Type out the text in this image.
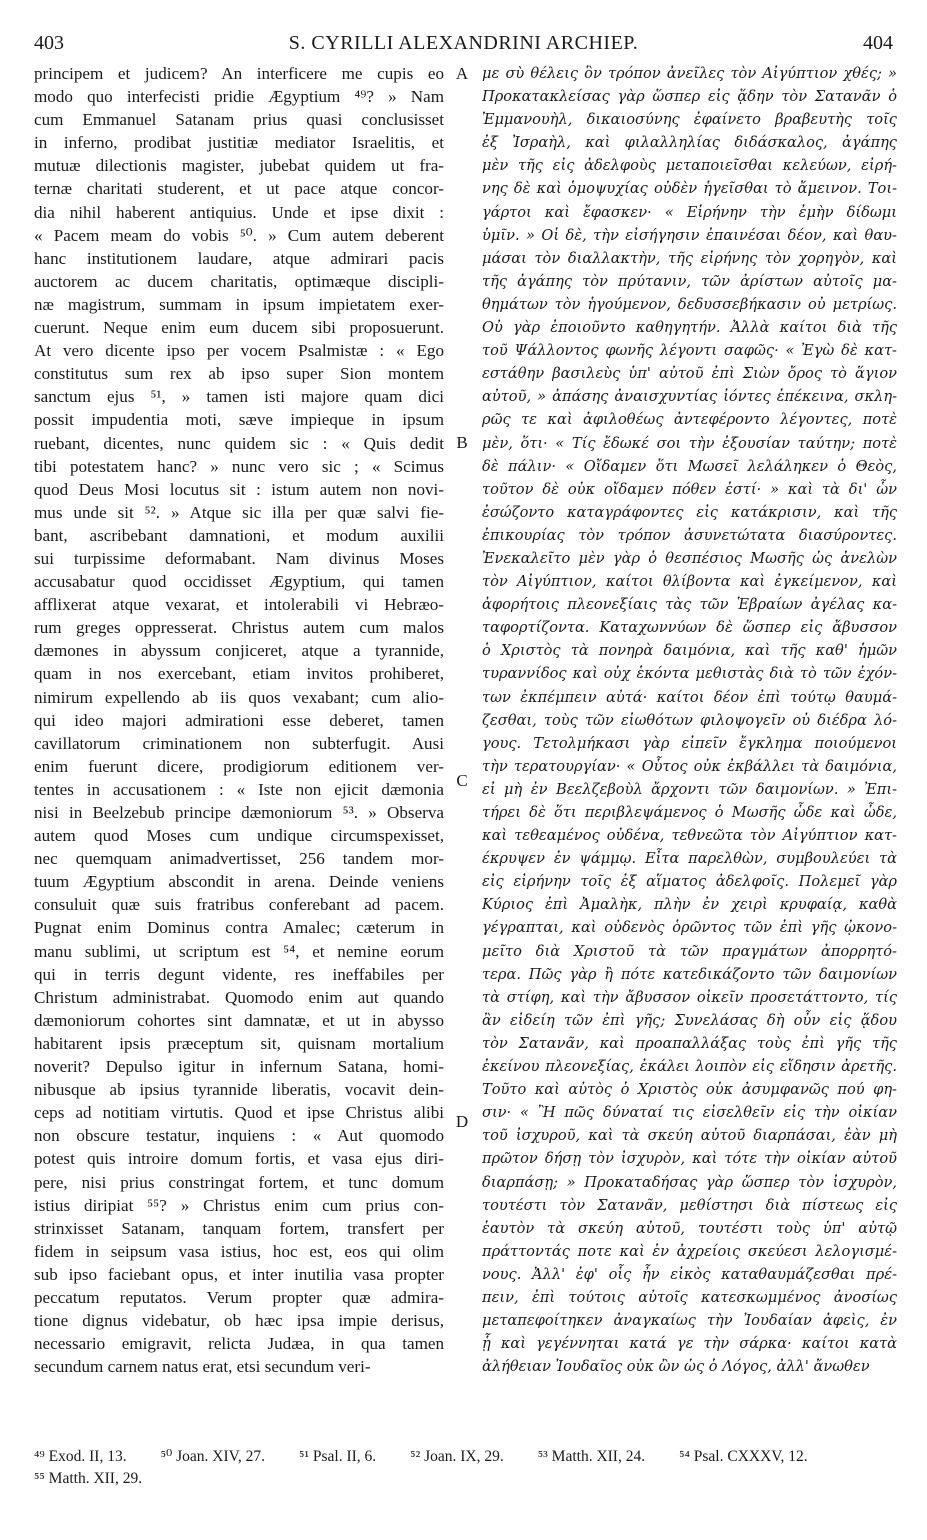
403	S. CYRILLI ALEXANDRINI ARCHIEP.	404
principem et judicem? An interficere me cupis eo
modo quo interfecisti pridie Ægyptium ⁴⁹? » Nam
cum Emmanuel Satanam prius quasi conclusisset
in inferno, prodibat justitiæ mediator Israelitis, et
mutuæ dilectionis magister, jubebat quidem ut fra-
ternæ charitati studerent, et ut pace atque concor-
dia nihil haberent antiquius. Unde et ipse dixit :
« Pacem meam do vobis ⁵⁰. » Cum autem deberent
hanc institutionem laudare, atque admirari pacis
auctorem ac ducem charitatis, optimæque discipli-
næ magistrum, summam in ipsum impietatem exer-
cuerunt. Neque enim eum ducem sibi proposuerunt.
At vero dicente ipso per vocem Psalmistæ : « Ego
constitutus sum rex ab ipso super Sion montem
sanctum ejus ⁵¹, » tamen isti majore quam dici
possit impudentia moti, sæve impieque in ipsum
ruebant, dicentes, nunc quidem sic : « Quis dedit
tibi potestatem hanc? » nunc vero sic ; « Scimus
quod Deus Mosi locutus sit : istum autem non novi-
mus unde sit ⁵². » Atque sic illa per quæ salvi fie-
bant, ascribebant damnationi, et modum auxilii
sui turpissime deformabant. Nam divinus Moses
accusabatur quod occidisset Ægyptium, qui tamen
afflixerat atque vexarat, et intolerabili vi Hebræo-
rum greges oppresserat. Christus autem cum malos
dæmones in abyssum conjiceret, atque a tyrannide,
quam in nos exercebant, etiam invitos prohiberet,
nimirum expellendo ab iis quos vexabant; cum alio-
qui ideo majori admirationi esse deberet, tamen
cavillatorum criminationem non subterfugit. Ausi
enim fuerunt dicere, prodigiorum editionem ver-
tentes in accusationem : « Iste non ejicit dæmonia
nisi in Beelzebub principe dæmoniorum ⁵³. » Observa
autem quod Moses cum undique circumspexisset,
nec quemquam animadvertisset, 256 tandem mor-
tuum Ægyptium abscondit in arena. Deinde veniens
consuluit quæ suis fratribus conferebant ad pacem.
Pugnat enim Dominus contra Amalec; cæterum in
manu sublimi, ut scriptum est ⁵⁴, et nemine eorum
qui in terris degunt vidente, res ineffabiles per
Christum administrabat. Quomodo enim aut quando
dæmoniorum cohortes sint damnatæ, et ut in abysso
habitarent ipsis præceptum sit, quisnam mortalium
noverit? Depulso igitur in infernum Satana, homi-
nibusque ab ipsius tyrannide liberatis, vocavit dein-
ceps ad notitiam virtutis. Quod et ipse Christus alibi
non obscure testatur, inquiens : « Aut quomodo
potest quis introire domum fortis, et vasa ejus diri-
pere, nisi prius constringat fortem, et tunc domum
istius diripiat ⁵⁵? » Christus enim cum prius con-
strinxisset Satanam, tanquam fortem, transfert per
fidem in seipsum vasa istius, hoc est, eos qui olim
sub ipso faciebant opus, et inter inutilia vasa propter
peccatum reputatos. Verum propter quæ admira-
tione dignus videbatur, ob hæc ipsa impie derisus,
necessario emigravit, relicta Judæa, in qua tamen
secundum carnem natus erat, etsi secundum veri-
με σὺ θέλεις ὃν τρόπον ἀνεῖλες τὸν Αἰγύπτιον χθές; »
Προκατακλείσας γὰρ ὥσπερ εἰς ᾅδην τὸν Σατανᾶν ὁ
Ἐμμανουὴλ, δικαιοσύνης ἐφαίνετο βραβευτὴς τοῖς
ἐξ Ἰσραὴλ, καὶ φιλαλληλίας διδάσκαλος, ἀγάπης
μὲν τῆς εἰς ἀδελφοὺς μεταποιεῖσθαι κελεύων, εἰρή-
νης δὲ καὶ ὁμοψυχίας οὐδὲν ἡγεῖσθαι τὸ ἄμεινον. Τοι-
γάρτοι καὶ ἔφασκεν· « Εἰρήνην τὴν ἐμὴν δίδωμι
ὑμῖν. » Οἱ δὲ, τὴν εἰσήγησιν ἐπαινέσαι δέον, καὶ θαυ-
μάσαι τὸν διαλλακτὴν, τῆς εἰρήνης τὸν χορηγὸν, καὶ
τῆς ἀγάπης τὸν πρύτανιν, τῶν ἀρίστων αὐτοῖς μα-
θημάτων τὸν ἡγούμενον, δεδυσσεβήκασιν οὐ μετρίως.
Οὐ γὰρ ἐποιοῦντο καθηγητήν. Ἀλλὰ καίτοι διὰ τῆς
τοῦ Ψάλλοντος φωνῆς λέγοντι σαφῶς· « Ἐγὼ δὲ κατ-
εστάθην βασιλεὺς ὑπ' αὐτοῦ ἐπὶ Σιὼν ὄρος τὸ ἅγιον
αὐτοῦ, » ἀπάσης ἀναισχυντίας ἰόντες ἐπέκεινα, σκλη-
ρῶς τε καὶ ἀφιλοθέως ἀντεφέροντο λέγοντες, ποτὲ
μὲν, ὅτι· « Τίς ἔδωκέ σοι τὴν ἐξουσίαν ταύτην; ποτὲ
δὲ πάλιν· « Οἴδαμεν ὅτι Μωσεῖ λελάληκεν ὁ Θεὸς,
τοῦτον δὲ οὐκ οἴδαμεν πόθεν ἐστί· » καὶ τὰ δι' ὧν
ἐσώζοντο καταγράφοντες εἰς κατάκρισιν, καὶ τῆς
ἐπικουρίας τὸν τρόπον ἀσυνετώτατα διασύροντες.
Ἐνεκαλεῖτο μὲν γὰρ ὁ θεσπέσιος Μωσῆς ὡς ἀνελὼν
τὸν Αἰγύπτιον, καίτοι θλίβοντα καὶ ἐγκείμενον, καὶ
ἀφορήτοις πλεονεξίαις τὰς τῶν Ἑβραίων ἀγέλας κα-
ταφορτίζοντα. Καταχωννύων δὲ ὥσπερ εἰς ἄβυσσον
ὁ Χριστὸς τὰ πονηρὰ δαιμόνια, καὶ τῆς καθ' ἡμῶν
τυραννίδος καὶ οὐχ ἑκόντα μεθιστὰς διὰ τὸ τῶν ἐχόν-
των ἐκπέμπειν αὐτά· καίτοι δέον ἐπὶ τούτῳ θαυμά-
ζεσθαι, τοὺς τῶν εἰωθότων φιλοψογεῖν οὐ διέδρα λό-
γους. Τετολμήκασι γὰρ εἰπεῖν ἔγκλημα ποιούμενοι
τὴν τερατουργίαν· « Οὗτος οὐκ ἐκβάλλει τὰ δαιμόνια,
εἰ μὴ ἐν Βεελζεβοὺλ ἄρχοντι τῶν δαιμονίων. » Ἐπι-
τήρει δὲ ὅτι περιβλεψάμενος ὁ Μωσῆς ὧδε καὶ ὧδε,
καὶ τεθεαμένος οὐδένα, τεθνεῶτα τὸν Αἰγύπτιον κατ-
έκρυψεν ἐν ψάμμῳ. Εἶτα παρελθὼν, συμβουλεύει τὰ
εἰς εἰρήνην τοῖς ἐξ αἵματος ἀδελφοῖς. Πολεμεῖ γὰρ
Κύριος ἐπὶ Ἀμαλὴκ, πλὴν ἐν χειρὶ κρυφαίᾳ, καθὰ
γέγραπται, καὶ οὐδενὸς ὁρῶντος τῶν ἐπὶ γῆς ᾠκονο-
μεῖτο διὰ Χριστοῦ τὰ τῶν πραγμάτων ἀπορρητό-
τερα. Πῶς γὰρ ἢ πότε κατεδικάζοντο τῶν δαιμονίων
τὰ στίφη, καὶ τὴν ἄβυσσον οἰκεῖν προσετάττοντο, τίς
ἂν εἰδείη τῶν ἐπὶ γῆς; Συνελάσας δὴ οὖν εἰς ᾅδου
τὸν Σατανᾶν, καὶ προαπαλλάξας τοὺς ἐπὶ γῆς τῆς
ἐκείνου πλεονεξίας, ἐκάλει λοιπὸν εἰς εἴδησιν ἀρετῆς.
Τοῦτο καὶ αὐτὸς ὁ Χριστὸς οὐκ ἀσυμφανῶς πού φη-
σιν· « Ἢ πῶς δύναταί τις εἰσελθεῖν εἰς τὴν οἰκίαν
τοῦ ἰσχυροῦ, καὶ τὰ σκεύη αὐτοῦ διαρπάσαι, ἐὰν μὴ
πρῶτον δήσῃ τὸν ἰσχυρὸν, καὶ τότε τὴν οἰκίαν αὐτοῦ
διαρπάσῃ; » Προκαταδήσας γὰρ ὥσπερ τὸν ἰσχυρὸν,
τουτέστι τὸν Σατανᾶν, μεθίστησι διὰ πίστεως εἰς
ἑαυτὸν τὰ σκεύη αὐτοῦ, τουτέστι τοὺς ὑπ' αὐτῷ
πράττοντάς ποτε καὶ ἐν ἀχρείοις σκεύεσι λελογισμέ-
νους. Ἀλλ' ἐφ' οἷς ἦν εἰκὸς καταθαυμάζεσθαι πρέ-
πειν, ἐπὶ τούτοις αὐτοῖς κατεσκωμμένος ἀνοσίως
μεταπεφοίτηκεν ἀναγκαίως τὴν Ἰουδαίαν ἀφεὶς, ἐν
ᾗ καὶ γεγέννηται κατά γε τὴν σάρκα· καίτοι κατὰ
ἀλήθειαν Ἰουδαῖος οὐκ ὢν ὡς ὁ Λόγος, ἀλλ' ἄνωθεν
A
B
C
D
⁴⁹ Exod. II, 13. ⁵⁰ Joan. XIV, 27. ⁵¹ Psal. II, 6. ⁵² Joan. IX, 29. ⁵³ Matth. XII, 24. ⁵⁴ Psal. CXXXV, 12.
⁵⁵ Matth. XII, 29.
